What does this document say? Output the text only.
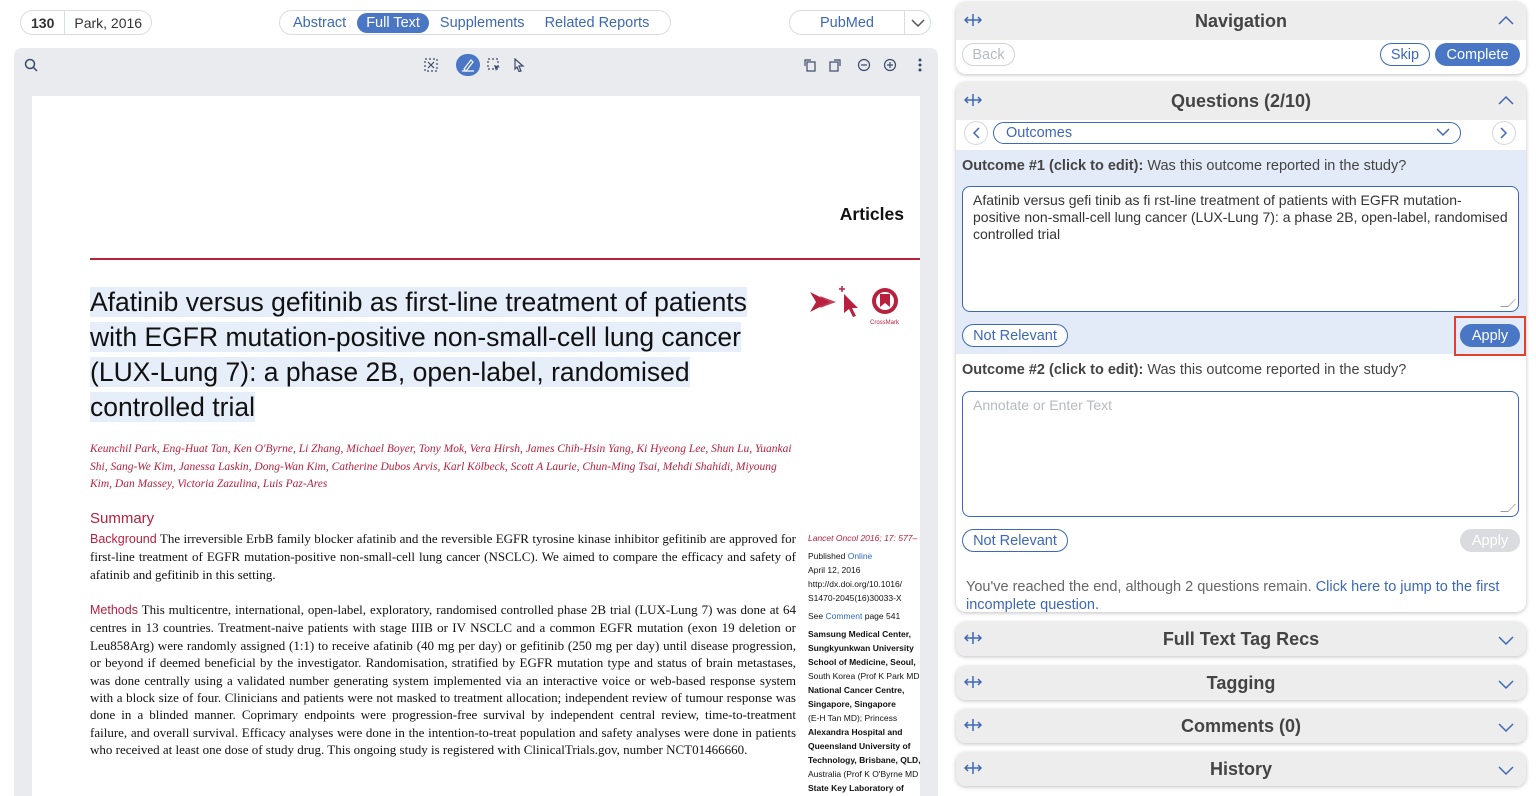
130	Park, 2016	Abstract	Full Text	Supplements	Related Reports	PubMed
Articles
Afatinib versus gefitinib as first-line treatment of patients
with EGFR mutation-positive non-small-cell lung cancer
(LUX-Lung 7): a phase 2B, open-label, randomised
controlled trial
CrossMark
Keunchil Park, Eng-Huat Tan, Ken O'Byrne, Li Zhang, Michael Boyer, Tony Mok, Vera Hirsh, James Chih-Hsin Yang, Ki Hyeong Lee, Shun Lu, Yuankai Shi, Sang-We Kim, Janessa Laskin, Dong-Wan Kim, Catherine Dubos Arvis, Karl Kölbeck, Scott A Laurie, Chun-Ming Tsai, Mehdi Shahidi, Miyoung Kim, Dan Massey, Victoria Zazulina, Luis Paz-Ares
Summary
Background The irreversible ErbB family blocker afatinib and the reversible EGFR tyrosine kinase inhibitor gefitinib are approved for first-line treatment of EGFR mutation-positive non-small-cell lung cancer (NSCLC). We aimed to compare the efficacy and safety of afatinib and gefitinib in this setting.
Methods This multicentre, international, open-label, exploratory, randomised controlled phase 2B trial (LUX-Lung 7) was done at 64 centres in 13 countries. Treatment-naive patients with stage IIIB or IV NSCLC and a common EGFR mutation (exon 19 deletion or Leu858Arg) were randomly assigned (1:1) to receive afatinib (40 mg per day) or gefitinib (250 mg per day) until disease progression, or beyond if deemed beneficial by the investigator. Randomisation, stratified by EGFR mutation type and status of brain metastases, was done centrally using a validated number generating system implemented via an interactive voice or web-based response system with a block size of four. Clinicians and patients were not masked to treatment allocation; independent review of tumour response was done in a blinded manner. Coprimary endpoints were progression-free survival by independent central review, time-to-treatment failure, and overall survival. Efficacy analyses were done in the intention-to-treat population and safety analyses were done in patients who received at least one dose of study drug. This ongoing study is registered with ClinicalTrials.gov, number NCT01466660.
Lancet Oncol 2016; 17: 577–
Published Online
April 12, 2016
http://dx.doi.org/10.1016/
S1470-2045(16)30033-X
See Comment page 541
Samsung Medical Center,
Sungkyunkwan University
School of Medicine, Seoul,
South Korea (Prof K Park MD
National Cancer Centre,
Singapore, Singapore
(E-H Tan MD); Princess
Alexandra Hospital and
Queensland University of
Technology, Brisbane, QLD,
Australia (Prof K O'Byrne MD
State Key Laboratory of
Navigation
Back	Skip	Complete
Questions (2/10)
Outcomes
Outcome #1 (click to edit): Was this outcome reported in the study?
Afatinib versus gefi tinib as fi rst-line treatment of patients with EGFR mutation-positive non-small-cell lung cancer (LUX-Lung 7): a phase 2B, open-label, randomised controlled trial
Not Relevant	Apply
Outcome #2 (click to edit): Was this outcome reported in the study?
Annotate or Enter Text
Not Relevant	Apply
You've reached the end, although 2 questions remain. Click here to jump to the first incomplete question.
Full Text Tag Recs
Tagging
Comments (0)
History
